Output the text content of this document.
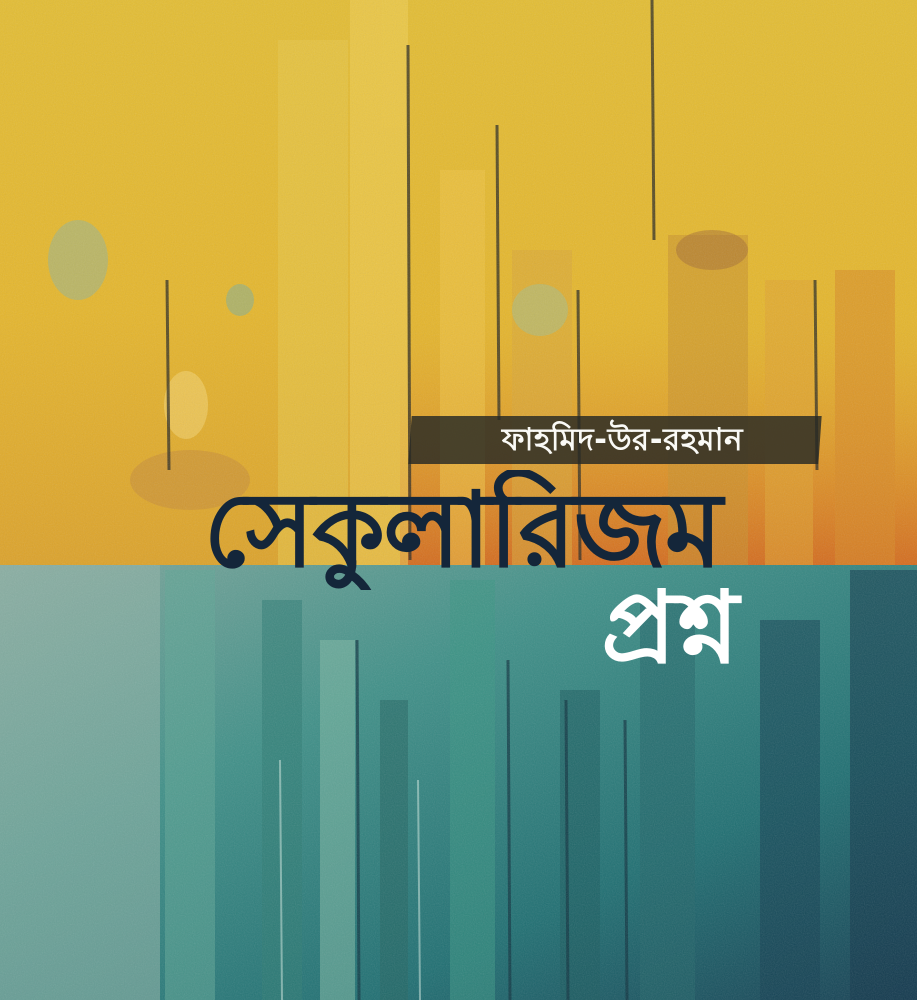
ফাহমিদ-উর-রহমান
সেকুলারিজম
প্রশ্ন
